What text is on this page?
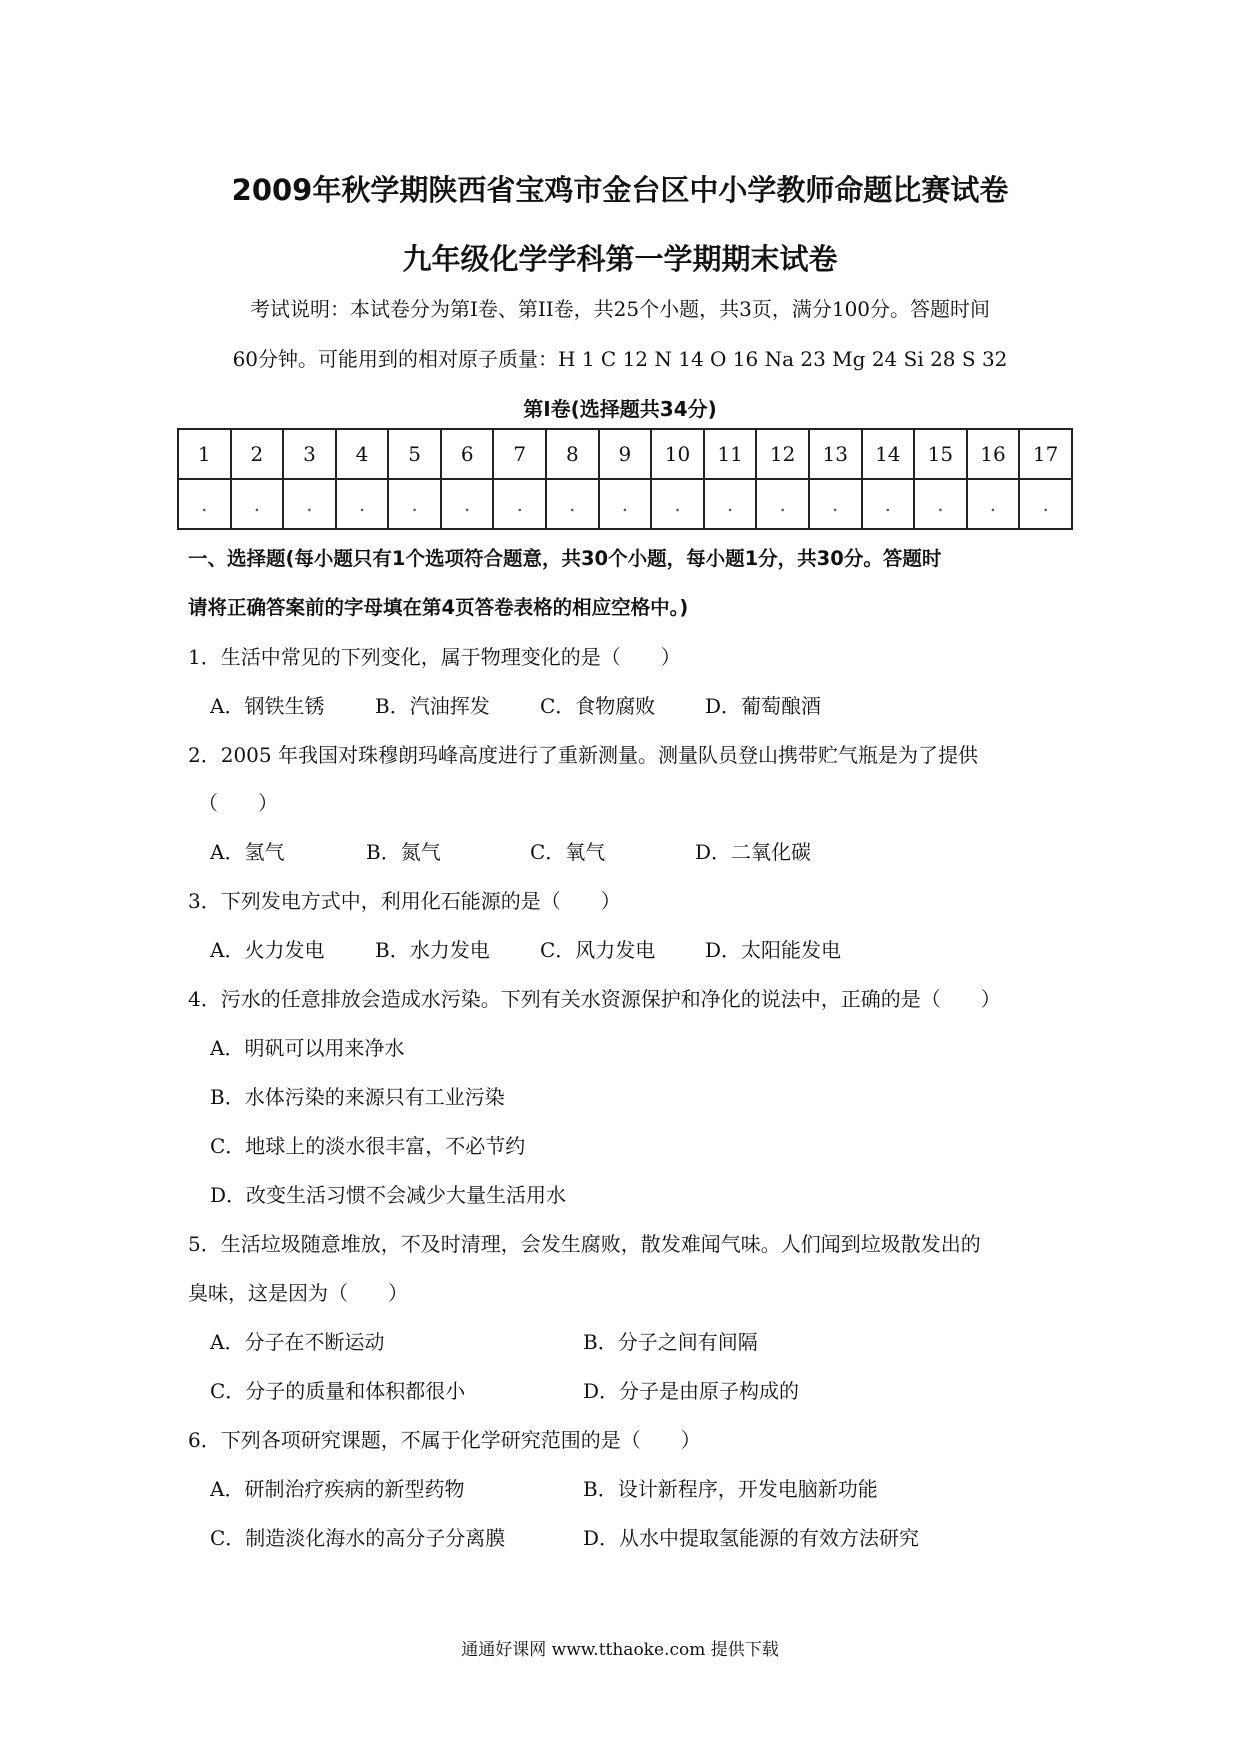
2009年秋学期陕西省宝鸡市金台区中小学教师命题比赛试卷
九年级化学学科第一学期期末试卷
考试说明：本试卷分为第Ⅰ卷、第II卷，共25个小题，共3页，满分100分。答题时间
60分钟。可能用到的相对原子质量：H 1 C 12 N 14 O 16 Na 23 Mg 24 Si 28 S 32
第Ⅰ卷(选择题共34分)
1	2	3	4	5	6	7	8	9	10	11	12	13	14	15	16	17
.	.	.	.	.	.	.	.	.	.	.	.	.	.	.	.	.
一、选择题(每小题只有1个选项符合题意，共30个小题，每小题1分，共30分。答题时
请将正确答案前的字母填在第4页答卷表格的相应空格中。)
1．生活中常见的下列变化，属于物理变化的是（　　）
A．钢铁生锈	B．汽油挥发	C．食物腐败 D．葡萄酿酒
2．2005 年我国对珠穆朗玛峰高度进行了重新测量。测量队员登山携带贮气瓶是为了提供
（　　）
A．氢气	B．氮气	C．氧气	D．二氧化碳
3．下列发电方式中，利用化石能源的是（　　）
A．火力发电	B．水力发电	C．风力发电 D．太阳能发电
4．污水的任意排放会造成水污染。下列有关水资源保护和净化的说法中，正确的是（　　）
A．明矾可以用来净水
B．水体污染的来源只有工业污染
C．地球上的淡水很丰富，不必节约
D．改变生活习惯不会减少大量生活用水
5．生活垃圾随意堆放，不及时清理，会发生腐败，散发难闻气味。人们闻到垃圾散发出的
臭味，这是因为（　　）
A．分子在不断运动	B．分子之间有间隔
C．分子的质量和体积都很小	D．分子是由原子构成的
6．下列各项研究课题，不属于化学研究范围的是（　　）
A．研制治疗疾病的新型药物	B．设计新程序，开发电脑新功能
C．制造淡化海水的高分子分离膜	D．从水中提取氢能源的有效方法研究
通通好课网 www.tthaoke.com 提供下载
